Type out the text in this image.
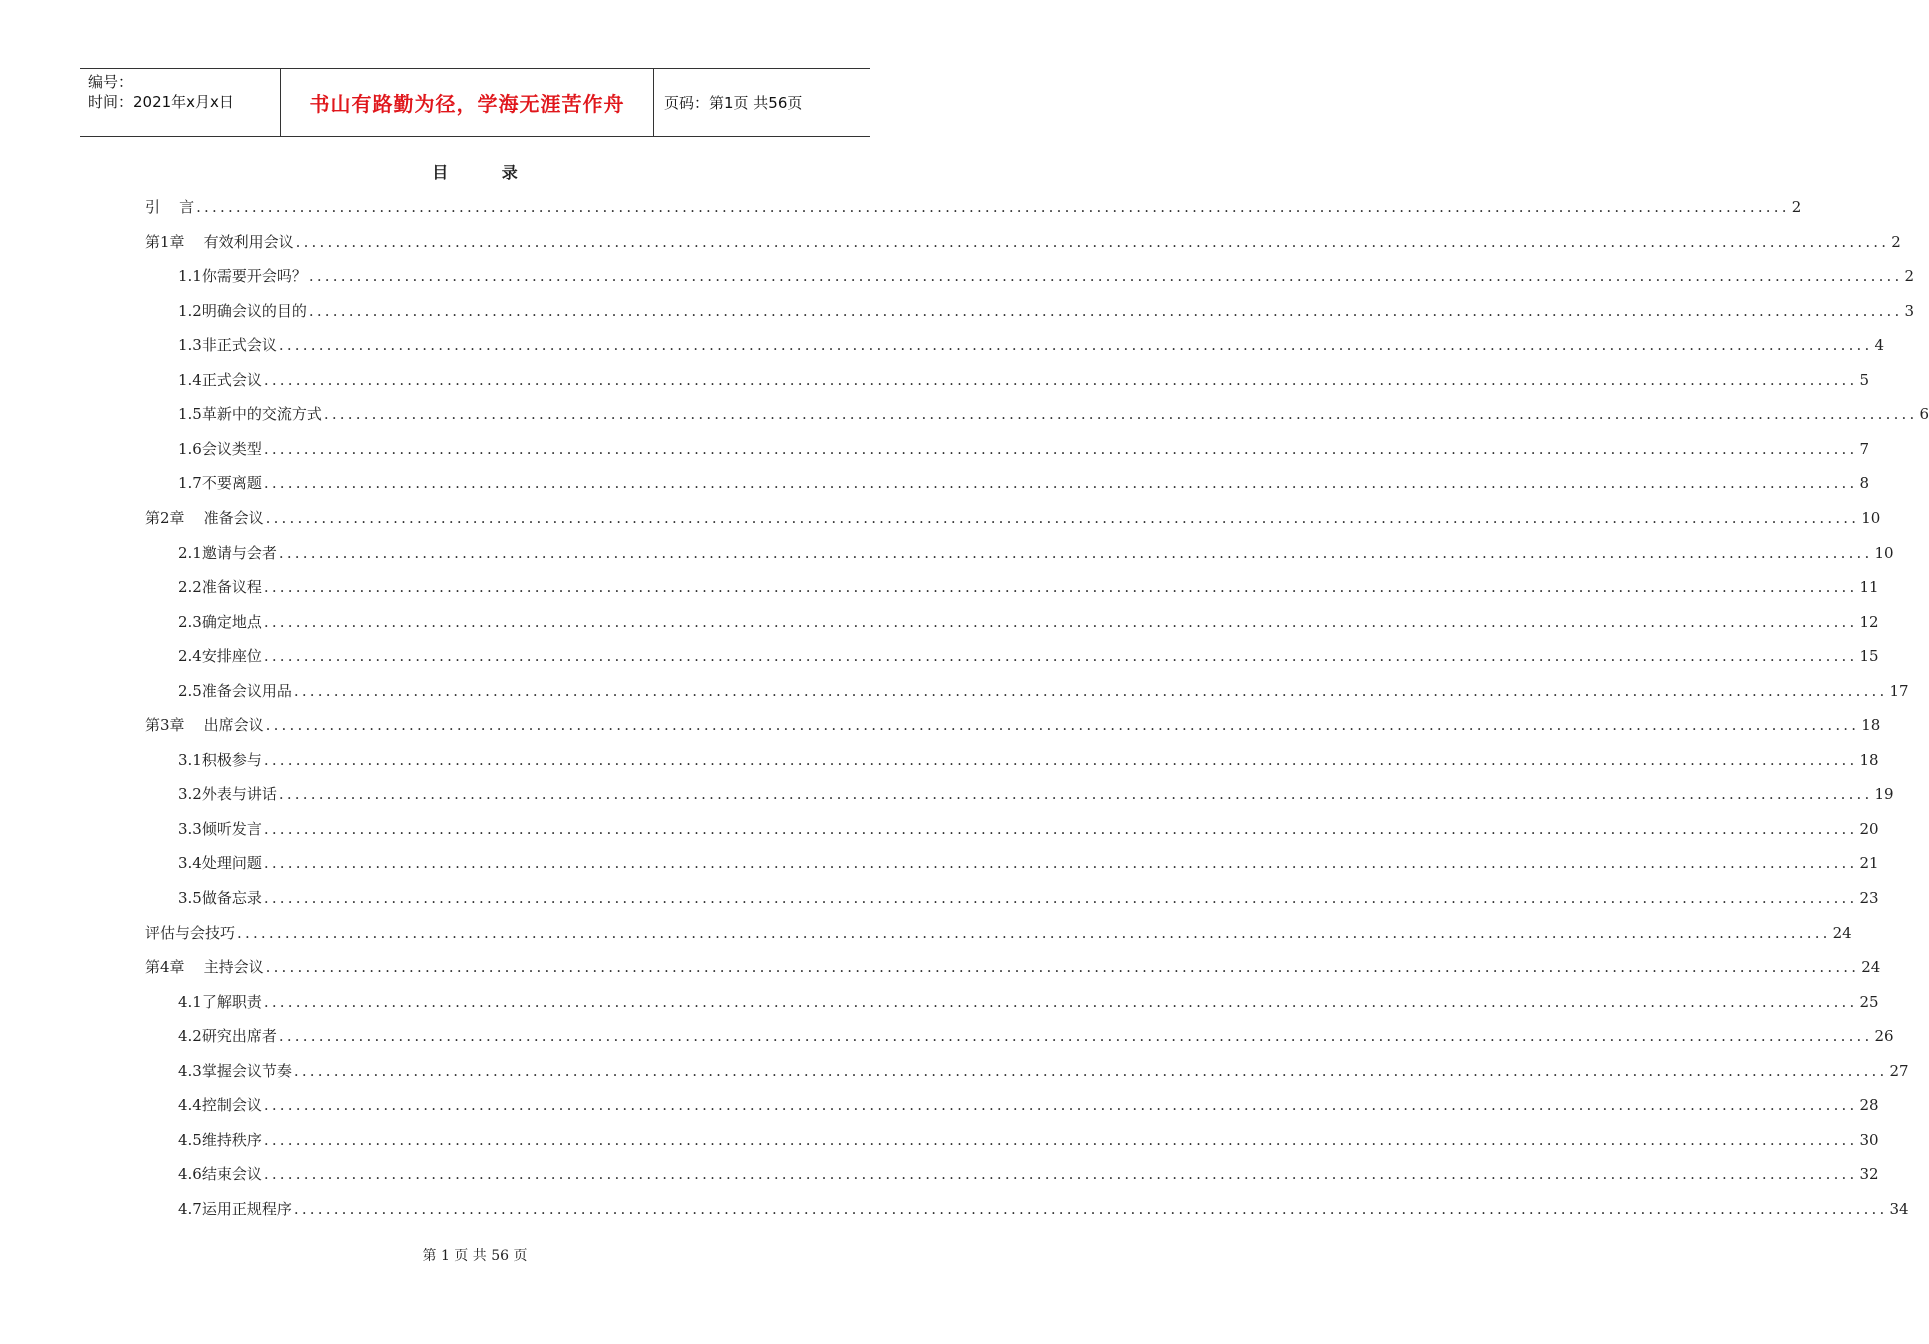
编号：
时间：2021年x月x日	书山有路勤为径，学海无涯苦作舟	页码：第1页 共56页
目 录
引    言 ........................................................................................................................................................................................................ 2
第1章    有效利用会议 ........................................................................................................................................................................................................ 2
1.1你需要开会吗？ ........................................................................................................................................................................................................ 2
1.2明确会议的目的 ........................................................................................................................................................................................................ 3
1.3非正式会议 ........................................................................................................................................................................................................ 4
1.4正式会议 ........................................................................................................................................................................................................ 5
1.5革新中的交流方式 ........................................................................................................................................................................................................ 6
1.6会议类型 ........................................................................................................................................................................................................ 7
1.7不要离题 ........................................................................................................................................................................................................ 8
第2章    准备会议 ........................................................................................................................................................................................................ 10
2.1邀请与会者 ........................................................................................................................................................................................................ 10
2.2准备议程 ........................................................................................................................................................................................................ 11
2.3确定地点 ........................................................................................................................................................................................................ 12
2.4安排座位 ........................................................................................................................................................................................................ 15
2.5准备会议用品 ........................................................................................................................................................................................................ 17
第3章    出席会议 ........................................................................................................................................................................................................ 18
3.1积极参与 ........................................................................................................................................................................................................ 18
3.2外表与讲话 ........................................................................................................................................................................................................ 19
3.3倾听发言 ........................................................................................................................................................................................................ 20
3.4处理问题 ........................................................................................................................................................................................................ 21
3.5做备忘录 ........................................................................................................................................................................................................ 23
评估与会技巧 ........................................................................................................................................................................................................ 24
第4章    主持会议 ........................................................................................................................................................................................................ 24
4.1了解职责 ........................................................................................................................................................................................................ 25
4.2研究出席者 ........................................................................................................................................................................................................ 26
4.3掌握会议节奏 ........................................................................................................................................................................................................ 27
4.4控制会议 ........................................................................................................................................................................................................ 28
4.5维持秩序 ........................................................................................................................................................................................................ 30
4.6结束会议 ........................................................................................................................................................................................................ 32
4.7运用正规程序 ........................................................................................................................................................................................................ 34
第 1 页 共 56 页
